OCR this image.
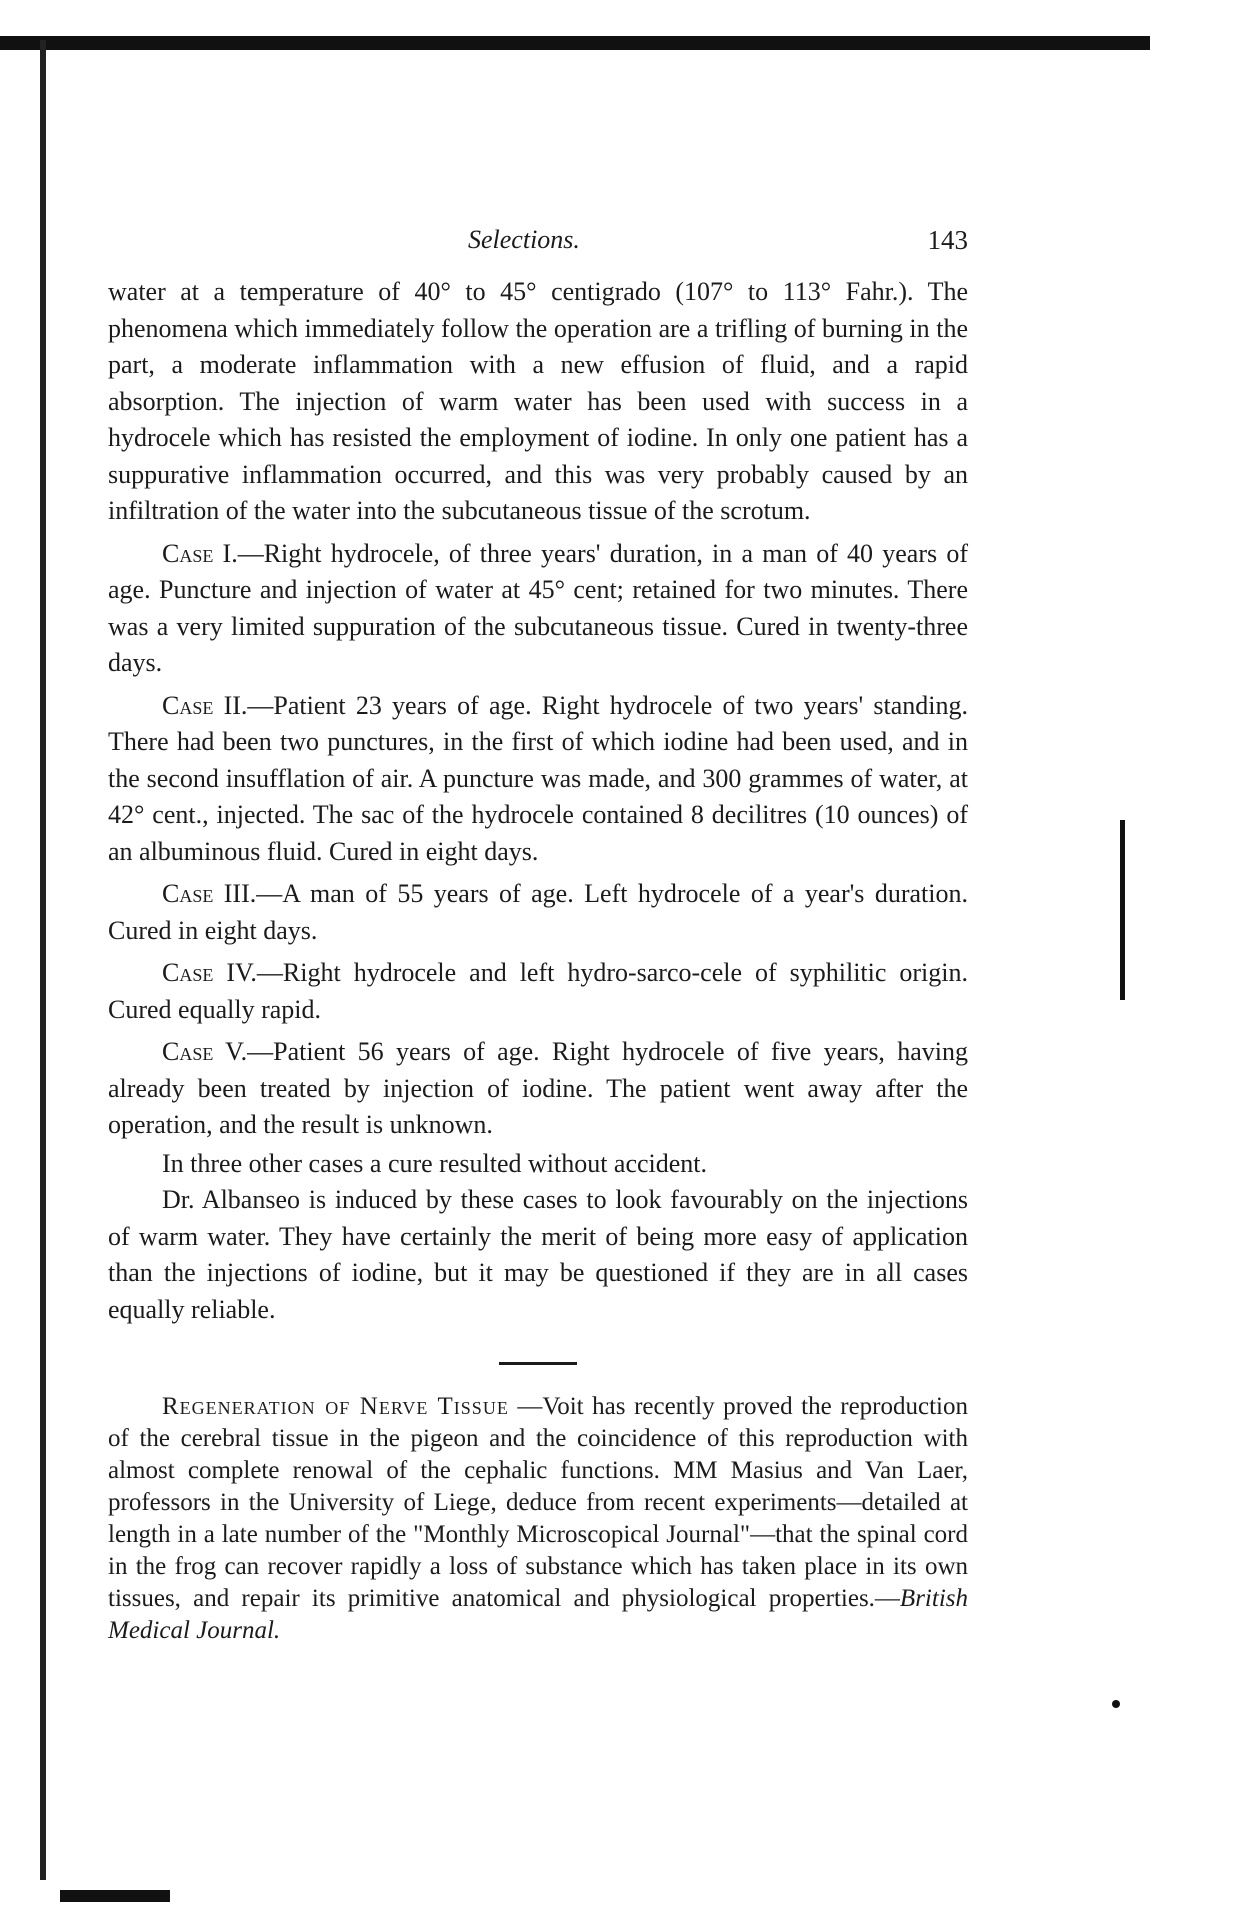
Selections.	143

water at a temperature of 40° to 45° centigrado (107° to 113° Fahr.). The phenomena which immediately follow the operation are a trifling of burning in the part, a moderate inflammation with a new effusion of fluid, and a rapid absorption. The injection of warm water has been used with success in a hydrocele which has resisted the employment of iodine. In only one patient has a suppurative inflammation occurred, and this was very probably caused by an infiltration of the water into the subcutaneous tissue of the scrotum.

Case I.—Right hydrocele, of three years' duration, in a man of 40 years of age. Puncture and injection of water at 45° cent; retained for two minutes. There was a very limited suppuration of the subcutaneous tissue. Cured in twenty-three days.

Case II.—Patient 23 years of age. Right hydrocele of two years' standing. There had been two punctures, in the first of which iodine had been used, and in the second insufflation of air. A puncture was made, and 300 grammes of water, at 42° cent., injected. The sac of the hydrocele contained 8 decilitres (10 ounces) of an albuminous fluid. Cured in eight days.

Case III.—A man of 55 years of age. Left hydrocele of a year's duration. Cured in eight days.

Case IV.—Right hydrocele and left hydro-sarco-cele of syphilitic origin. Cured equally rapid.

Case V.—Patient 56 years of age. Right hydrocele of five years, having already been treated by injection of iodine. The patient went away after the operation, and the result is unknown.

In three other cases a cure resulted without accident.

Dr. Albanseo is induced by these cases to look favourably on the injections of warm water. They have certainly the merit of being more easy of application than the injections of iodine, but it may be questioned if they are in all cases equally reliable.

Regeneration of Nerve Tissue —Voit has recently proved the reproduction of the cerebral tissue in the pigeon and the coincidence of this reproduction with almost complete renowal of the cephalic functions. MM Masius and Van Laer, professors in the University of Liege, deduce from recent experiments—detailed at length in a late number of the "Monthly Microscopical Journal"—that the spinal cord in the frog can recover rapidly a loss of substance which has taken place in its own tissues, and repair its primitive anatomical and physiological properties.—British Medical Journal.
